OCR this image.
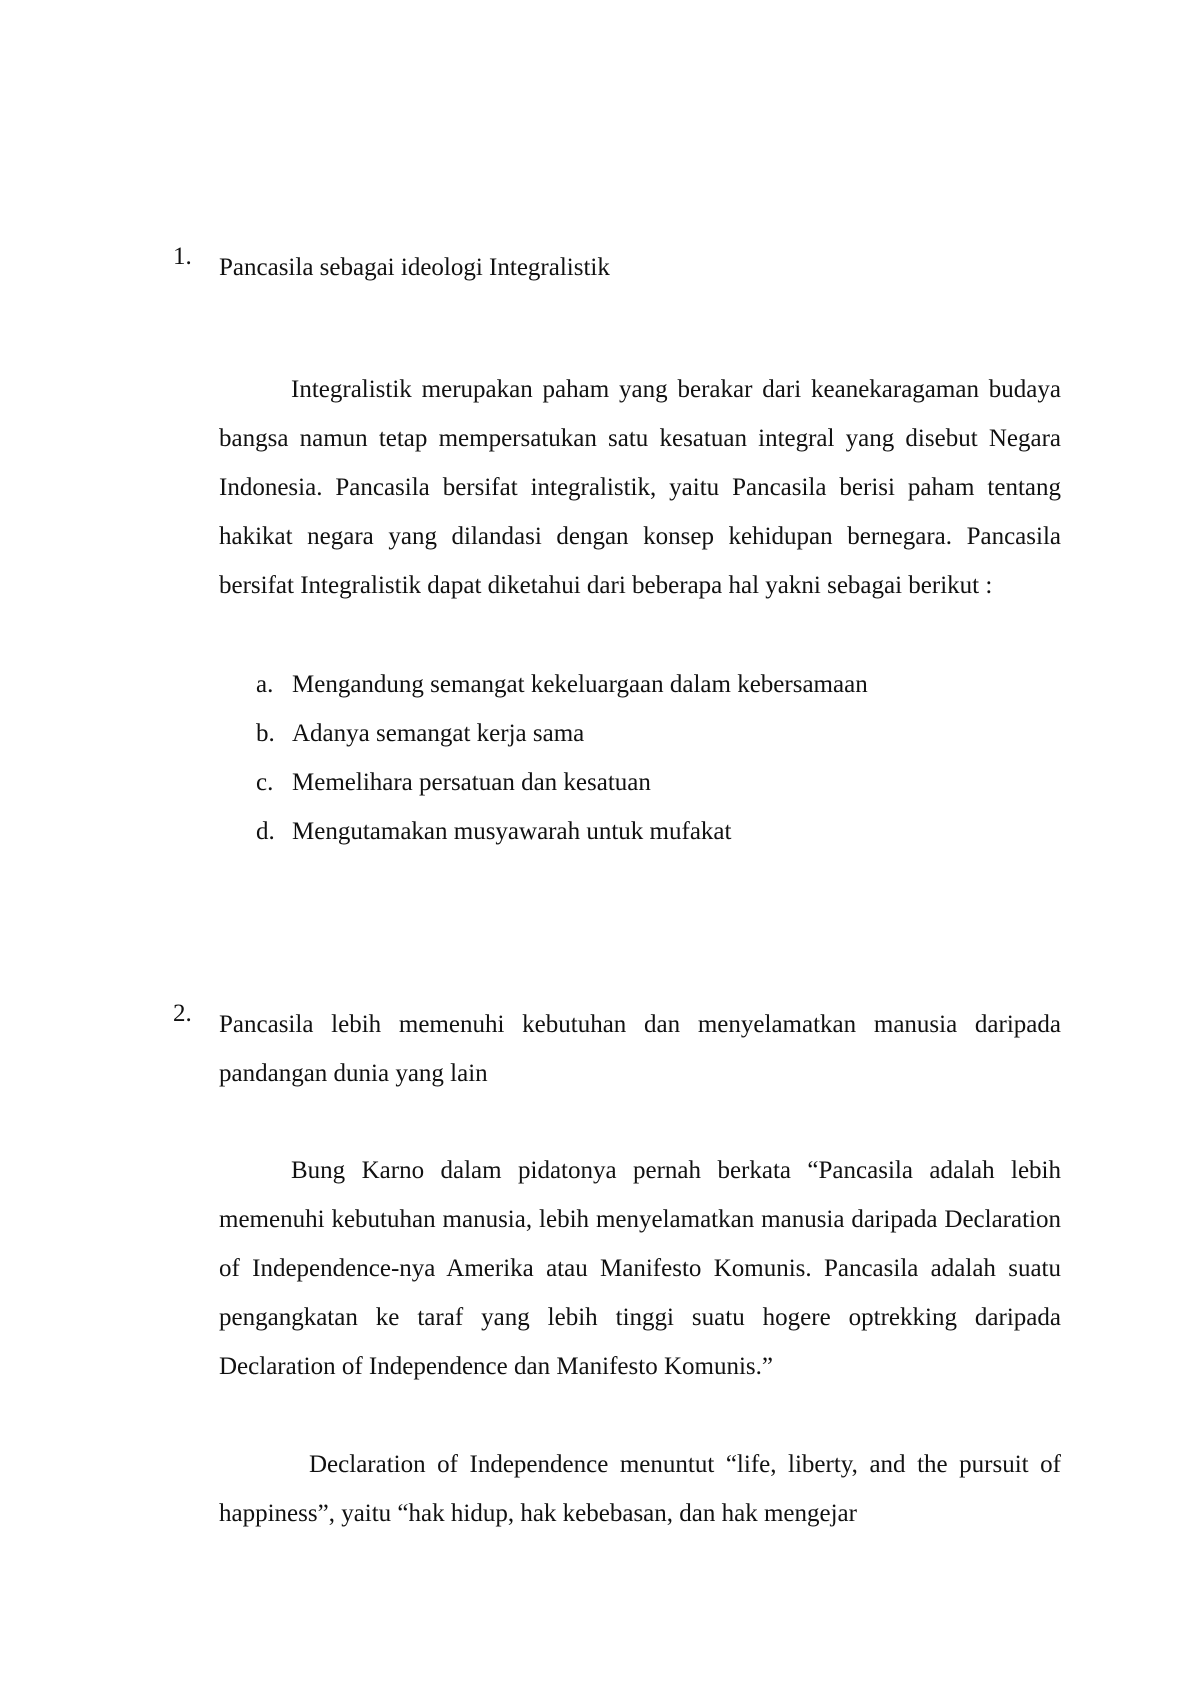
1. Pancasila sebagai ideologi Integralistik
Integralistik merupakan paham yang berakar dari keanekaragaman budaya bangsa namun tetap mempersatukan satu kesatuan integral yang disebut Negara Indonesia. Pancasila bersifat integralistik, yaitu Pancasila berisi paham tentang hakikat negara yang dilandasi dengan konsep kehidupan bernegara. Pancasila bersifat Integralistik dapat diketahui dari beberapa hal yakni sebagai berikut :
a. Mengandung semangat kekeluargaan dalam kebersamaan
b. Adanya semangat kerja sama
c. Memelihara persatuan dan kesatuan
d. Mengutamakan musyawarah untuk mufakat
2. Pancasila lebih memenuhi kebutuhan dan menyelamatkan manusia daripada pandangan dunia yang lain
Bung Karno dalam pidatonya pernah berkata “Pancasila adalah lebih memenuhi kebutuhan manusia, lebih menyelamatkan manusia daripada Declaration of Independence-nya Amerika atau Manifesto Komunis. Pancasila adalah suatu pengangkatan ke taraf yang lebih tinggi suatu hogere optrekking daripada Declaration of Independence dan Manifesto Komunis.”
Declaration of Independence menuntut “life, liberty, and the pursuit of happiness”, yaitu “hak hidup, hak kebebasan, dan hak mengejar
